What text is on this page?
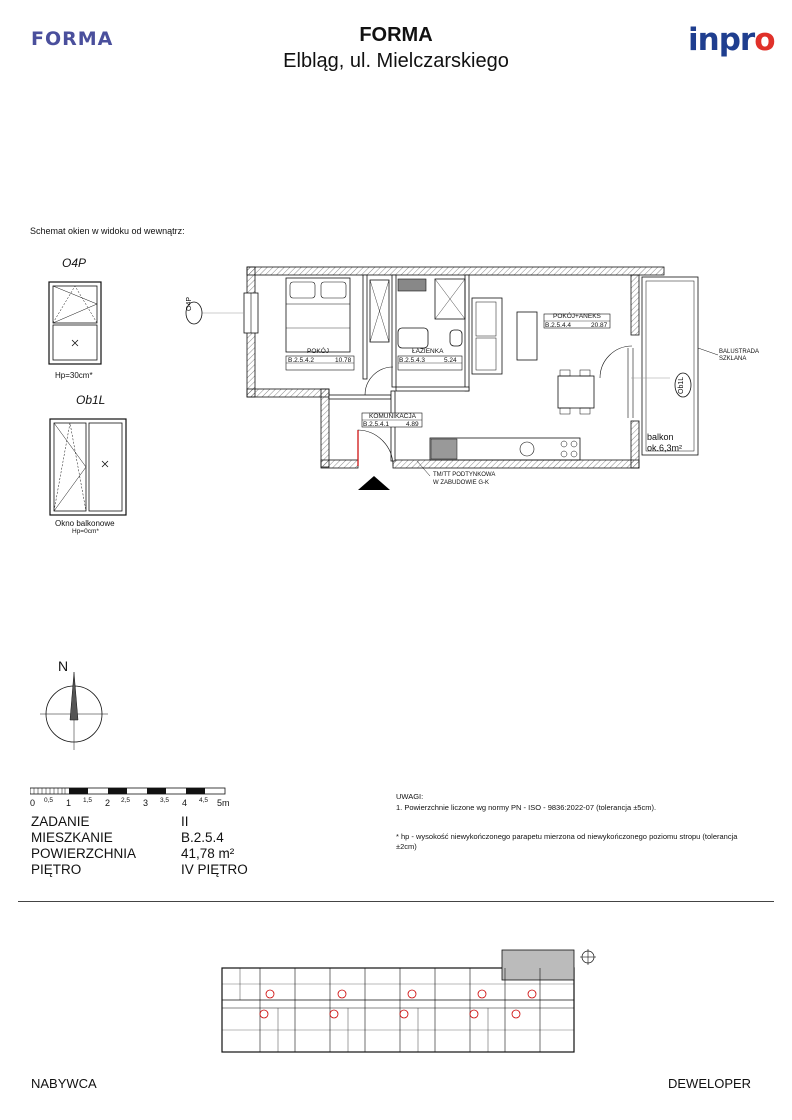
FORMA	FORMA
Elbląg, ul. Mielczarskiego
inpro
Schemat okien w widoku od wewnątrz:
O4P
Hp=30cm*
Ob1L
Okno balkonowe
Hp=0cm*
POKÓJ
B.2.5.4.2	10.78
ŁAZIENKA
B.2.5.4.3	5.24
POKÓJ+ANEKS
B.2.5.4.4	20.87
KOMUNIKACJA
B.2.5.4.1	4.89
balkon
ok.6,3m²
BALUSTRADA
SZKLANA
TM/TT PODTYNKOWA
W ZABUDOWIE G-K
O4P
Ob1L
N
0 0,5 1 1,5 2 2,5 3 3,5 4 4,5 5m
ZADANIE	II
MIESZKANIE	B.2.5.4
POWIERZCHNIA	41,78 m²
PIĘTRO	IV PIĘTRO
UWAGI:
1. Powierzchnie liczone wg normy PN - ISO - 9836:2022-07 (tolerancja ±5cm).
* hp - wysokość niewykończonego parapetu mierzona od niewykończonego poziomu stropu (tolerancja
±2cm)
NABYWCA	DEWELOPER
